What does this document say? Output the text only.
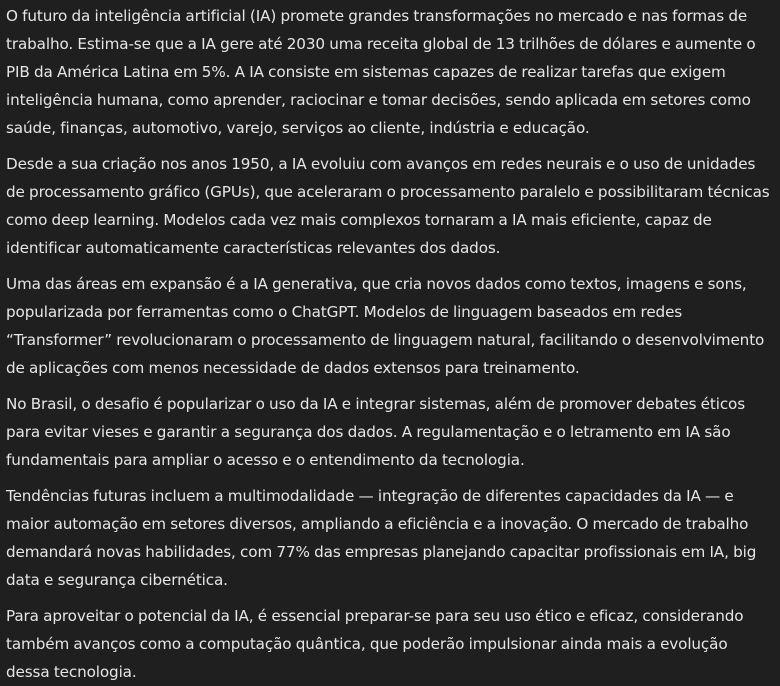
O futuro da inteligência artificial (IA) promete grandes transformações no mercado e nas formas de trabalho. Estima-se que a IA gere até 2030 uma receita global de 13 trilhões de dólares e aumente o PIB da América Latina em 5%. A IA consiste em sistemas capazes de realizar tarefas que exigem inteligência humana, como aprender, raciocinar e tomar decisões, sendo aplicada em setores como saúde, finanças, automotivo, varejo, serviços ao cliente, indústria e educação.

Desde a sua criação nos anos 1950, a IA evoluiu com avanços em redes neurais e o uso de unidades de processamento gráfico (GPUs), que aceleraram o processamento paralelo e possibilitaram técnicas como deep learning. Modelos cada vez mais complexos tornaram a IA mais eficiente, capaz de identificar automaticamente características relevantes dos dados.

Uma das áreas em expansão é a IA generativa, que cria novos dados como textos, imagens e sons, popularizada por ferramentas como o ChatGPT. Modelos de linguagem baseados em redes “Transformer” revolucionaram o processamento de linguagem natural, facilitando o desenvolvimento de aplicações com menos necessidade de dados extensos para treinamento.

No Brasil, o desafio é popularizar o uso da IA e integrar sistemas, além de promover debates éticos para evitar vieses e garantir a segurança dos dados. A regulamentação e o letramento em IA são fundamentais para ampliar o acesso e o entendimento da tecnologia.

Tendências futuras incluem a multimodalidade — integração de diferentes capacidades da IA — e maior automação em setores diversos, ampliando a eficiência e a inovação. O mercado de trabalho demandará novas habilidades, com 77% das empresas planejando capacitar profissionais em IA, big data e segurança cibernética.

Para aproveitar o potencial da IA, é essencial preparar-se para seu uso ético e eficaz, considerando também avanços como a computação quântica, que poderão impulsionar ainda mais a evolução dessa tecnologia.
